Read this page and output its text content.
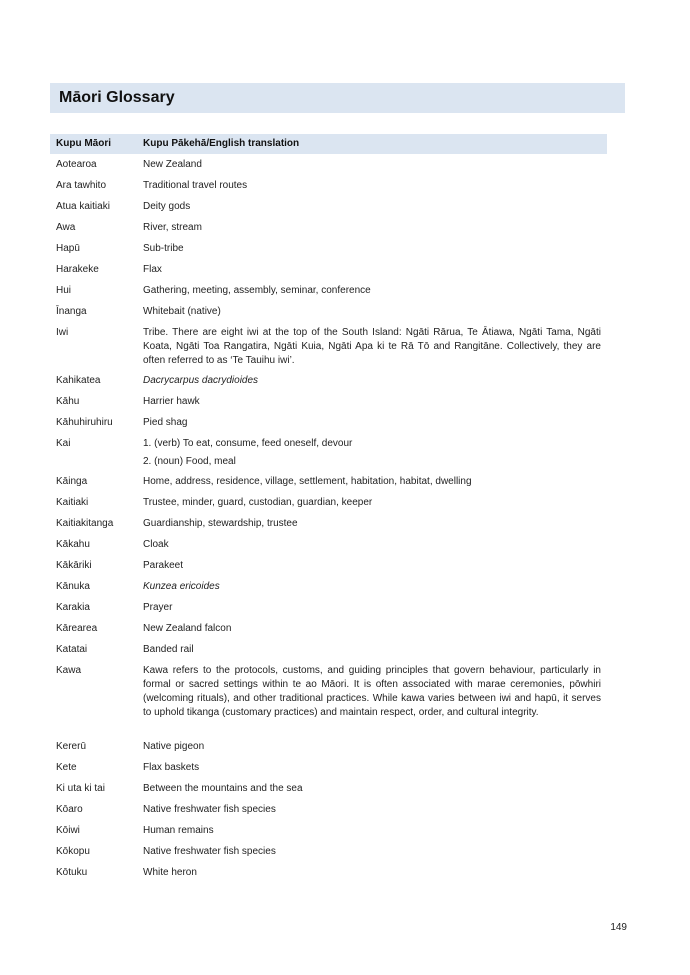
Māori Glossary
Kupu Māori	Kupu Pākehā/English translation
Aotearoa	New Zealand

Ara tawhito	Traditional travel routes

Atua kaitiaki	Deity gods

Awa	River, stream

Hapū	Sub-tribe

Harakeke	Flax

Hui	Gathering, meeting, assembly, seminar, conference

Īnanga	Whitebait (native)

Iwi	Tribe. There are eight iwi at the top of the South Island: Ngāti Rārua, Te Ātiawa, Ngāti Tama, Ngāti Koata, Ngāti Toa Rangatira, Ngāti Kuia, Ngāti Apa ki te Rā Tō and Rangitāne. Collectively, they are often referred to as ‘Te Tauihu iwi’.

Kahikatea	Dacrycarpus dacrydioides

Kāhu	Harrier hawk

Kāhuhiruhiru	Pied shag

Kai	1. (verb) To eat, consume, feed oneself, devour

2. (noun) Food, meal

Kāinga	Home, address, residence, village, settlement, habitation, habitat, dwelling

Kaitiaki	Trustee, minder, guard, custodian, guardian, keeper

Kaitiakitanga	Guardianship, stewardship, trustee

Kākahu	Cloak

Kākāriki	Parakeet

Kānuka	Kunzea ericoides

Karakia	Prayer

Kārearea	New Zealand falcon

Katatai	Banded rail

Kawa	Kawa refers to the protocols, customs, and guiding principles that govern behaviour, particularly in formal or sacred settings within te ao Māori. It is often associated with marae ceremonies, pōwhiri (welcoming rituals), and other traditional practices. While kawa varies between iwi and hapū, it serves to uphold tikanga (customary practices) and maintain respect, order, and cultural integrity.

Kererū	Native pigeon

Kete	Flax baskets

Ki uta ki tai	Between the mountains and the sea

Kōaro	Native freshwater fish species

Kōiwi	Human remains

Kōkopu	Native freshwater fish species

Kōtuku	White heron

149
